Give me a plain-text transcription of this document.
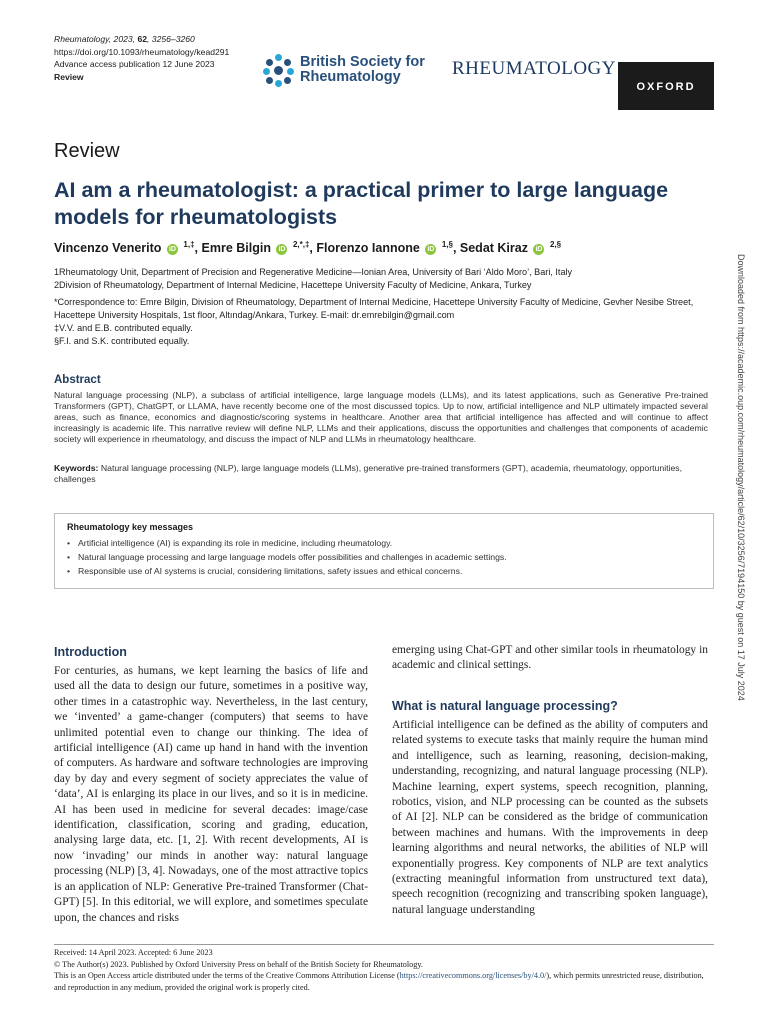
Rheumatology, 2023, 62, 3256–3260
https://doi.org/10.1093/rheumatology/kead291
Advance access publication 12 June 2023
Review
British Society for
Rheumatology	RHEUMATOLOGY
OXFORD
Review
AI am a rheumatologist: a practical primer to large language models for rheumatologists
Vincenzo Venerito iD $^{1,\ddagger}$, Emre Bilgin iD $^{2,*,\ddagger}$, Florenzo Iannone iD $^{1,\S}$, Sedat Kiraz iD $^{2,\S}$
1Rheumatology Unit, Department of Precision and Regenerative Medicine—Ionian Area, University of Bari ‘Aldo Moro’, Bari, Italy
2Division of Rheumatology, Department of Internal Medicine, Hacettepe University Faculty of Medicine, Ankara, Turkey
*Correspondence to: Emre Bilgin, Division of Rheumatology, Department of Internal Medicine, Hacettepe University Faculty of Medicine, Gevher Nesibe Street, Hacettepe University Hospitals, 1st floor, Altındag/Ankara, Turkey. E-mail: dr.emrebilgin@gmail.com
‡V.V. and E.B. contributed equally.
§F.I. and S.K. contributed equally.	Downloaded from https://academic.oup.com/rheumatology/article/62/10/3256/7194150 by guest on 17 July 2024
Abstract

Natural language processing (NLP), a subclass of artificial intelligence, large language models (LLMs), and its latest applications, such as Generative Pre-trained Transformers (GPT), ChatGPT, or LLAMA, have recently become one of the most discussed topics. Up to now, artificial intelligence and NLP ultimately impacted several areas, such as finance, economics and diagnostic/scoring systems in healthcare. Another area that artificial intelligence has affected and will continue to affect increasingly is academic life. This narrative review will define NLP, LLMs and their applications, discuss the opportunities and challenges that components of academic society will experience in rheumatology, and discuss the impact of NLP and LLMs in rheumatology healthcare.

Keywords: Natural language processing (NLP), large language models (LLMs), generative pre-trained transformers (GPT), academia, rheumatology, opportunities, challenges

Rheumatology key messages
• Artificial intelligence (AI) is expanding its role in medicine, including rheumatology.
• Natural language processing and large language models offer possibilities and challenges in academic settings.
• Responsible use of AI systems is crucial, considering limitations, safety issues and ethical concerns.
Introduction

For centuries, as humans, we kept learning the basics of life and used all the data to design our future, sometimes in a positive way, other times in a catastrophic way. Nevertheless, in the last century, we ‘invented’ a game-changer (computers) that seems to have unlimited potential even to change our thinking. The idea of artificial intelligence (AI) came up hand in hand with the invention of computers. As hardware and software technologies are improving day by day and every segment of society appreciates the value of ‘data’, AI is enlarging its place in our lives, and so it is in medicine. AI has been used in medicine for several decades: image/case identification, classification, scoring and grading, education, analysing large data, etc. [1, 2]. With recent developments, AI is now ‘invading’ our minds in another way: natural language processing (NLP) [3, 4]. Nowadays, one of the most attractive topics is an application of NLP: Generative Pre-trained Transformer (Chat-GPT) [5]. In this editorial, we will explore, and sometimes speculate upon, the chances and risks

emerging using Chat-GPT and other similar tools in rheumatology in academic and clinical settings.

What is natural language processing?

Artificial intelligence can be defined as the ability of computers and related systems to execute tasks that mainly require the human mind and intelligence, such as learning, reasoning, decision-making, understanding, recognizing, and natural language processing (NLP). Machine learning, expert systems, speech recognition, planning, robotics, vision, and NLP processing can be counted as the subsets of AI [2]. NLP can be considered as the bridge of communication between machines and humans. With the improvements in deep learning algorithms and neural networks, the abilities of NLP will exponentially progress. Key components of NLP are text analytics (extracting meaningful information from unstructured text data), speech recognition (recognizing and transcribing spoken language), natural language understanding

Received: 14 April 2023. Accepted: 6 June 2023
© The Author(s) 2023. Published by Oxford University Press on behalf of the British Society for Rheumatology.
This is an Open Access article distributed under the terms of the Creative Commons Attribution License (https://creativecommons.org/licenses/by/4.0/), which permits unrestricted reuse, distribution, and reproduction in any medium, provided the original work is properly cited.
